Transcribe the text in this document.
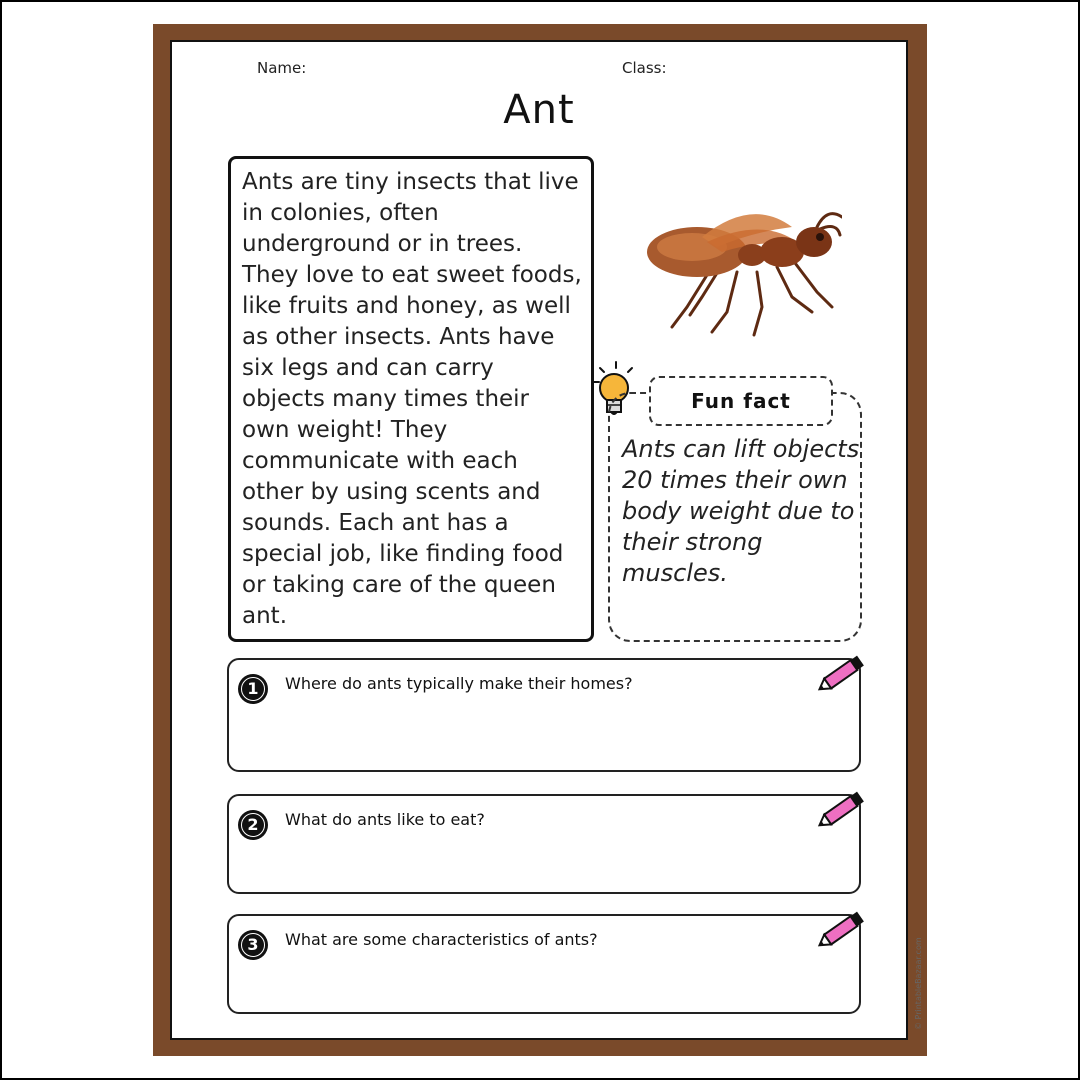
Name:	Class:
Ant

Ants are tiny insects that live in colonies, often underground or in trees. They love to eat sweet foods, like fruits and honey, as well as other insects. Ants have six legs and can carry objects many times their own weight! They communicate with each other by using scents and sounds. Each ant has a special job, like finding food or taking care of the queen ant.

Fun fact

Ants can lift objects 20 times their own body weight due to their strong muscles.

1	Where do ants typically make their homes?
2	What do ants like to eat?
3	What are some characteristics of ants?	© PrintableBazaar.com
